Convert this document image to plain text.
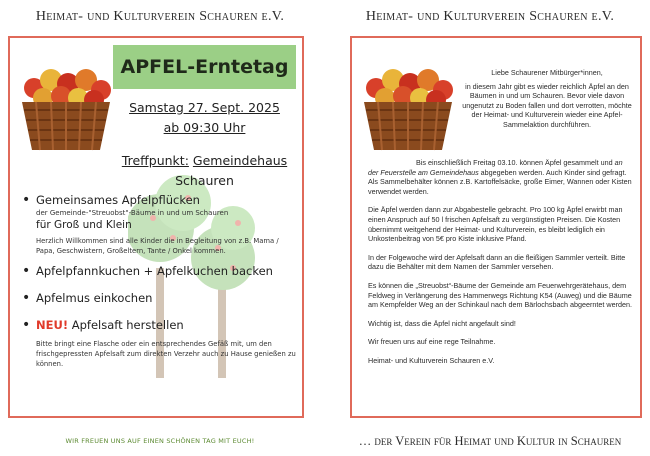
Heimat- und Kulturverein Schauren e.V.
APFEL-Erntetag
Samstag 27. Sept. 2025
ab 09:30 Uhr
Treffpunkt: Gemeindehaus
Schauren
• Gemeinsames Apfelpflücken
der Gemeinde-"Streuobst"-Bäume in und um Schauren
für Groß und Klein
Herzlich Willkommen sind alle Kinder die in Begleitung von z.B. Mama / Papa, Geschwistern, Großeltern, Tante / Onkel kommen.
• Apfelpfannkuchen + Apfelkuchen backen
• Apfelmus einkochen
• NEU! Apfelsaft herstellen
Bitte bringt eine Flasche oder ein entsprechendes Gefäß mit, um den frischgepressten Apfelsaft zum direkten Verzehr auch zu Hause genießen zu können.
WIR FREUEN UNS AUF EINEN SCHÖNEN TAG MIT EUCH!
Heimat- und Kulturverein Schauren e.V.

Liebe Schaurener Mitbürger*innen,

in diesem Jahr gibt es wieder reichlich Äpfel an den Bäumen in und um Schauren. Bevor viele davon ungenutzt zu Boden fallen und dort verrotten, möchte der Heimat- und Kulturverein wieder eine Apfel-Sammelaktion durchführen.

Bis einschließlich Freitag 03.10. können Äpfel gesammelt und an der Feuerstelle am Gemeindehaus abgegeben werden. Auch Kinder sind gefragt. Als Sammelbehälter können z.B. Kartoffelsäcke, große Eimer, Wannen oder Kisten verwendet werden.

Die Äpfel werden dann zur Abgabestelle gebracht. Pro 100 kg Äpfel erwirbt man einen Anspruch auf 50 l frischen Apfelsaft zu vergünstigten Preisen. Die Kosten übernimmt weitgehend der Heimat- und Kulturverein, es bleibt lediglich ein Unkostenbeitrag von 5€ pro Kiste inklusive Pfand.

In der Folgewoche wird der Apfelsaft dann an die fleißigen Sammler verteilt. Bitte dazu die Behälter mit dem Namen der Sammler versehen.

Es können die „Streuobst“-Bäume der Gemeinde am Feuerwehrgerätehaus, dem Feldweg in Verlängerung des Hammerwegs Richtung K54 (Auweg) und die Bäume am Kempfelder Weg an der Schinkaul nach dem Bärlochsbach abgeerntet werden.

Wichtig ist, dass die Äpfel nicht angefault sind!

Wir freuen uns auf eine rege Teilnahme.

Heimat- und Kulturverein Schauren e.V.

… der Verein für Heimat und Kultur in Schauren
